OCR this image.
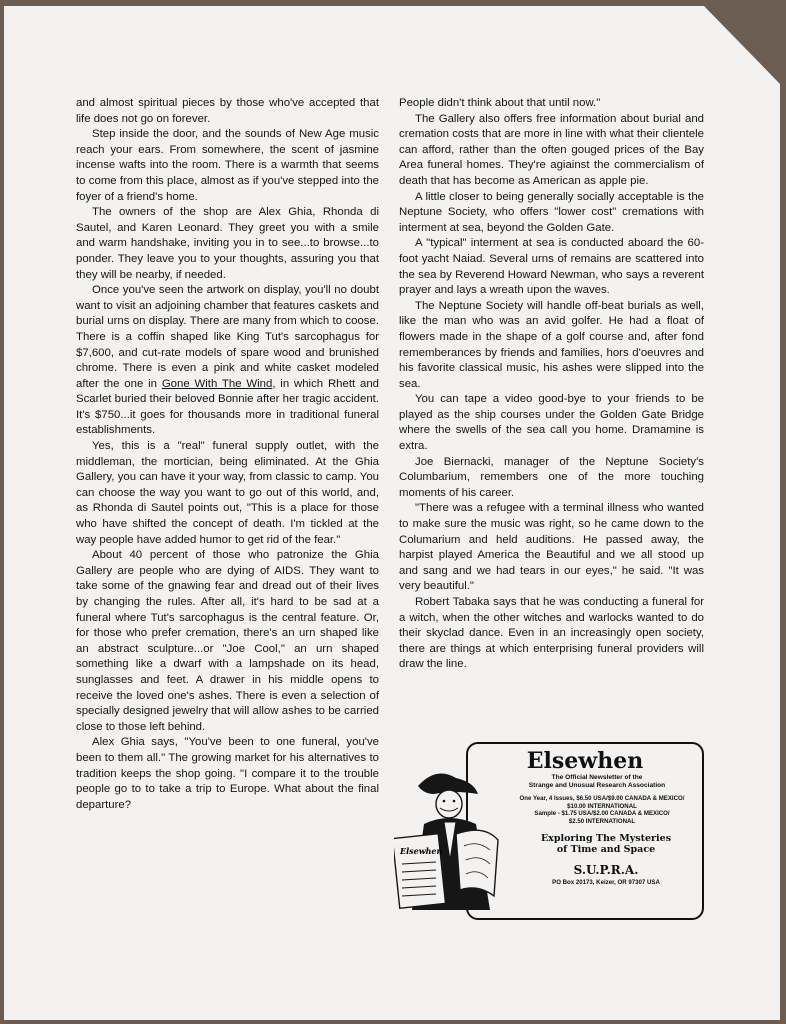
and almost spiritual pieces by those who've accepted that life does not go on forever.

Step inside the door, and the sounds of New Age music reach your ears. From somewhere, the scent of jasmine incense wafts into the room. There is a warmth that seems to come from this place, almost as if you've stepped into the foyer of a friend's home.

The owners of the shop are Alex Ghia, Rhonda di Sautel, and Karen Leonard. They greet you with a smile and warm handshake, inviting you in to see...to browse...to ponder. They leave you to your thoughts, assuring you that they will be nearby, if needed.

Once you've seen the artwork on display, you'll no doubt want to visit an adjoining chamber that features caskets and burial urns on display. There are many from which to coose. There is a coffin shaped like King Tut's sarcophagus for $7,600, and cut-rate models of spare wood and brunished chrome. There is even a pink and white casket modeled after the one in Gone With The Wind, in which Rhett and Scarlet buried their beloved Bonnie after her tragic accident. It's $750...it goes for thousands more in traditional funeral establishments.

Yes, this is a "real" funeral supply outlet, with the middleman, the mortician, being eliminated. At the Ghia Gallery, you can have it your way, from classic to camp. You can choose the way you want to go out of this world, and, as Rhonda di Sautel points out, "This is a place for those who have shifted the concept of death. I'm tickled at the way people have added humor to get rid of the fear."

About 40 percent of those who patronize the Ghia Gallery are people who are dying of AIDS. They want to take some of the gnawing fear and dread out of their lives by changing the rules. After all, it's hard to be sad at a funeral where Tut's sarcophagus is the central feature. Or, for those who prefer cremation, there's an urn shaped like an abstract sculpture...or "Joe Cool," an urn shaped something like a dwarf with a lampshade on its head, sunglasses and feet. A drawer in his middle opens to receive the loved one's ashes. There is even a selection of specially designed jewelry that will allow ashes to be carried close to those left behind.

Alex Ghia says, "You've been to one funeral, you've been to them all." The growing market for his alternatives to tradition keeps the shop going. "I compare it to the trouble people go to to take a trip to Europe. What about the final departure?

People didn't think about that until now."

The Gallery also offers free information about burial and cremation costs that are more in line with what their clientele can afford, rather than the often gouged prices of the Bay Area funeral homes. They're agiainst the commercialism of death that has become as American as apple pie.

A little closer to being generally socially acceptable is the Neptune Society, who offers "lower cost" cremations with interment at sea, beyond the Golden Gate.

A "typical" interment at sea is conducted aboard the 60-foot yacht Naiad. Several urns of remains are scattered into the sea by Reverend Howard Newman, who says a reverent prayer and lays a wreath upon the waves.

The Neptune Society will handle off-beat burials as well, like the man who was an avid golfer. He had a float of flowers made in the shape of a golf course and, after fond rememberances by friends and families, hors d'oeuvres and his favorite classical music, his ashes were slipped into the sea.

You can tape a video good-bye to your friends to be played as the ship courses under the Golden Gate Bridge where the swells of the sea call you home. Dramamine is extra.

Joe Biernacki, manager of the Neptune Society's Columbarium, remembers one of the more touching moments of his career.

"There was a refugee with a terminal illness who wanted to make sure the music was right, so he came down to the Columarium and held auditions. He passed away, the harpist played America the Beautiful and we all stood up and sang and we had tears in our eyes," he said. "It was very beautiful."

Robert Tabaka says that he was conducting a funeral for a witch, when the other witches and warlocks wanted to do their skyclad dance. Even in an increasingly open society, there are things at which enterprising funeral providers will draw the line.

Elsewhen
The Official Newsletter of the
Strange and Unusual Research Association
One Year, 4 Issues, $6.50 USA/$9.00 CANADA & MEXICO/
$10.00 INTERNATIONAL
Sample - $1.75 USA/$2.00 CANADA & MEXICO/
$2.50 INTERNATIONAL
Exploring The Mysteries
of Time and Space
S.U.P.R.A.
PO Box 20173, Keizer, OR 97307 USA
Elsewhen
